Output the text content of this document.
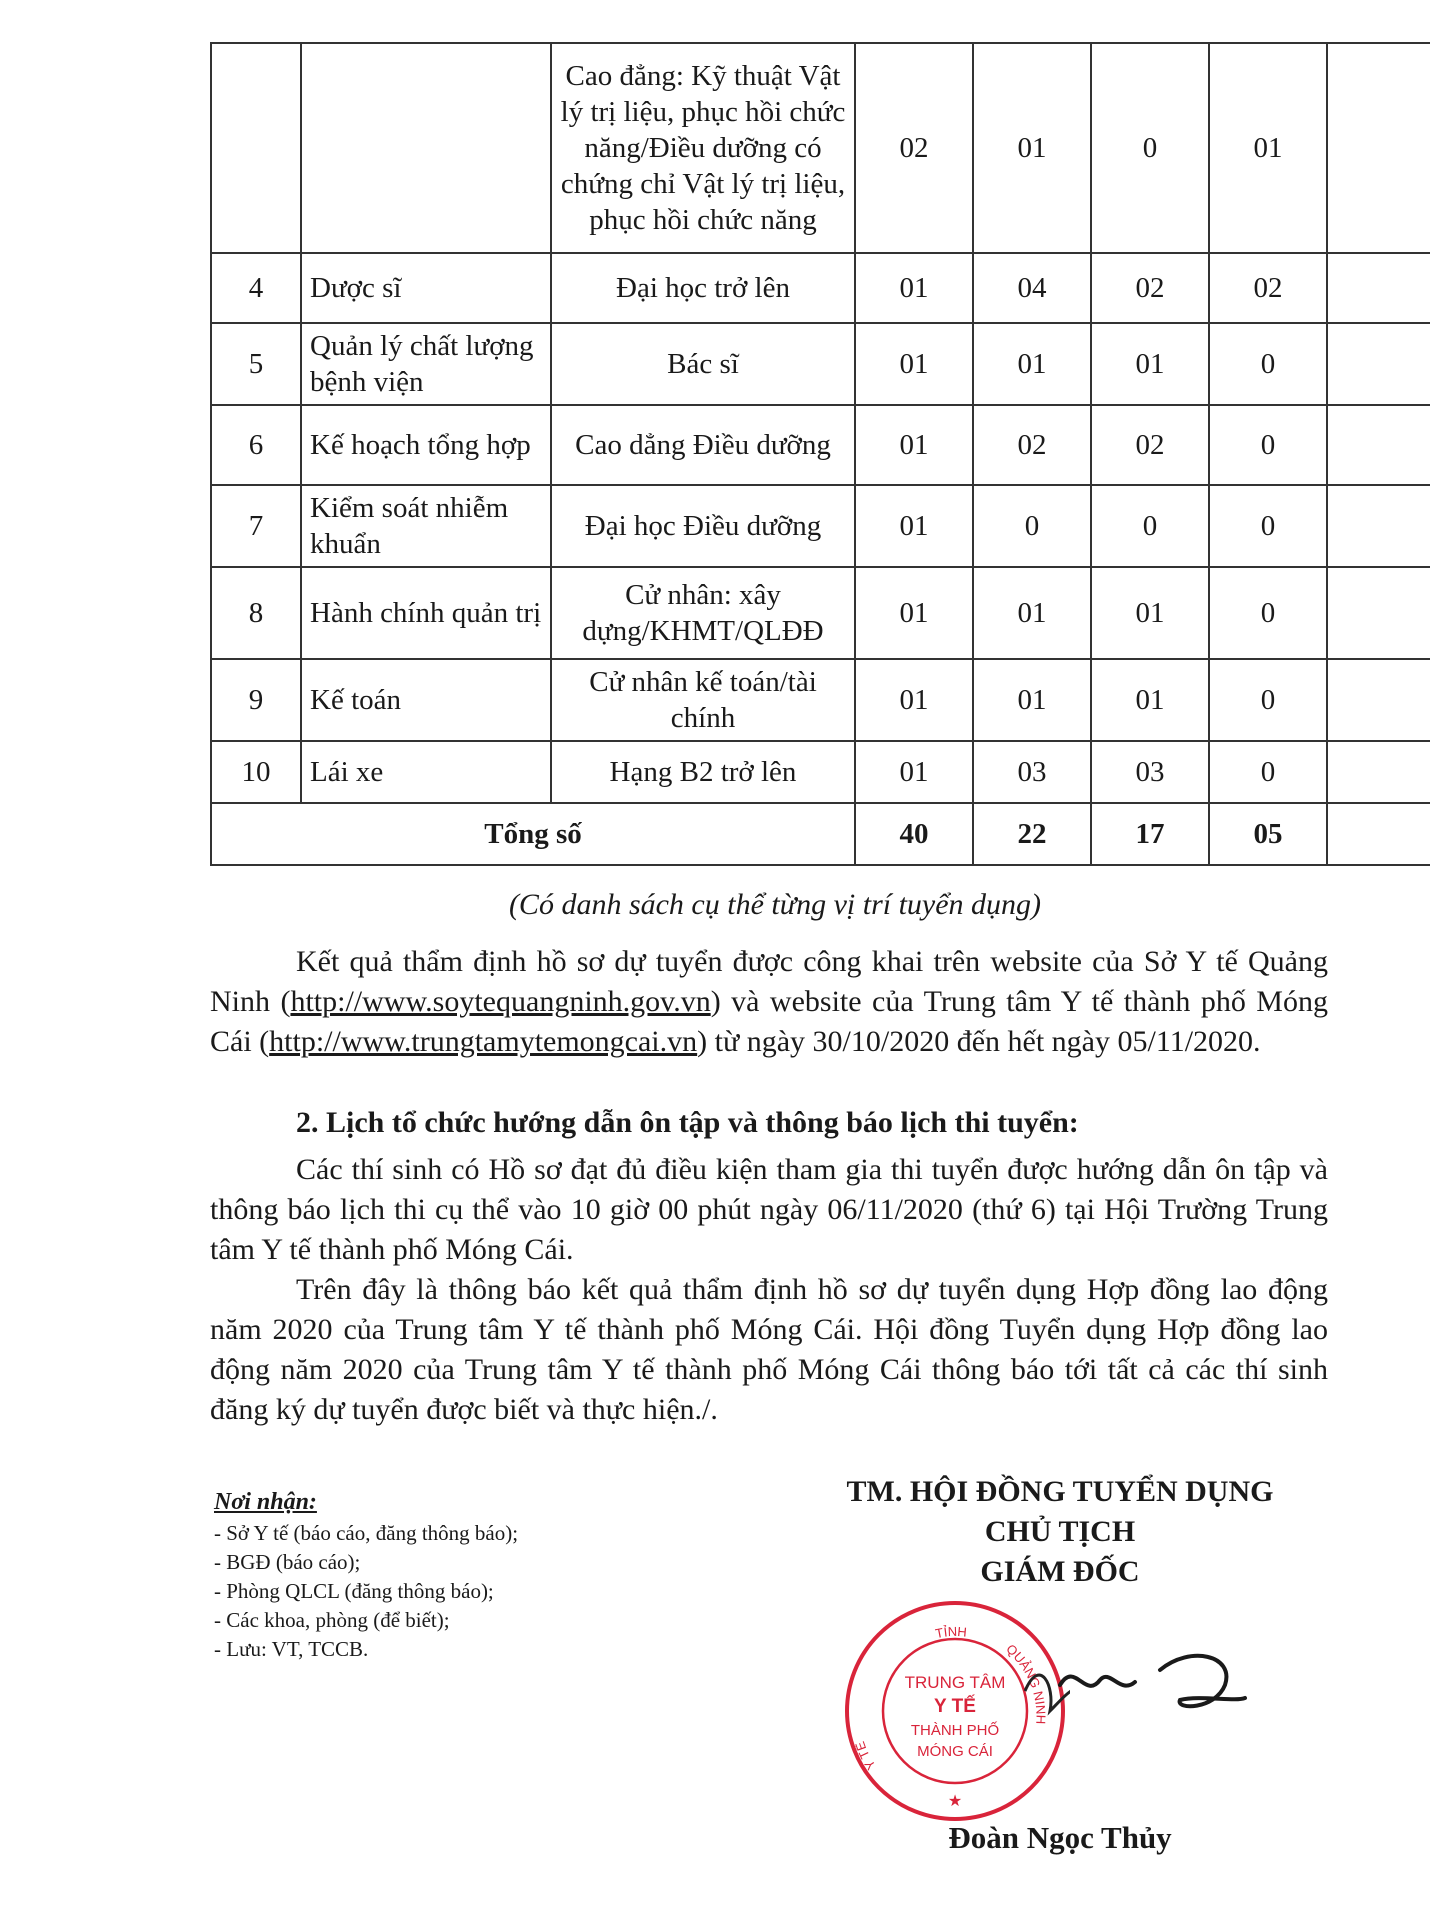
		Cao đẳng: Kỹ thuật Vật lý trị liệu, phục hồi chức năng/Điều dưỡng có chứng chỉ Vật lý trị liệu, phục hồi chức năng	02	01	0	01	
4	Dược sĩ	Đại học trở lên	01	04	02	02	
5	Quản lý chất lượng bệnh viện	Bác sĩ	01	01	01	0	
6	Kế hoạch tổng hợp	Cao dẳng Điều dưỡng	01	02	02	0	
7	Kiểm soát nhiễm khuẩn	Đại học Điều dưỡng	01	0	0	0	
8	Hành chính quản trị	Cử nhân: xây dựng/KHMT/QLĐĐ	01	01	01	0	
9	Kế toán	Cử nhân kế toán/tài chính	01	01	01	0	
10	Lái xe	Hạng B2 trở lên	01	03	03	0	
Tổng số			40	22	17	05	
(Có danh sách cụ thể từng vị trí tuyển dụng)
Kết quả thẩm định hồ sơ dự tuyển được công khai trên website của Sở Y tế Quảng Ninh (http://www.soytequangninh.gov.vn) và website của Trung tâm Y tế thành phố Móng Cái (http://www.trungtamytemongcai.vn) từ ngày 30/10/2020 đến hết ngày 05/11/2020.
2. Lịch tổ chức hướng dẫn ôn tập và thông báo lịch thi tuyển:
Các thí sinh có Hồ sơ đạt đủ điều kiện tham gia thi tuyển được hướng dẫn ôn tập và thông báo lịch thi cụ thể vào 10 giờ 00 phút ngày 06/11/2020 (thứ 6) tại Hội Trường Trung tâm Y tế thành phố Móng Cái.
Trên đây là thông báo kết quả thẩm định hồ sơ dự tuyển dụng Hợp đồng lao động năm 2020 của Trung tâm Y tế thành phố Móng Cái. Hội đồng Tuyển dụng Hợp đồng lao động năm 2020 của Trung tâm Y tế thành phố Móng Cái thông báo tới tất cả các thí sinh đăng ký dự tuyển được biết và thực hiện./.
Nơi nhận:
- Sở Y tế (báo cáo, đăng thông báo);
- BGĐ (báo cáo);
- Phòng QLCL (đăng thông báo);
- Các khoa, phòng (để biết);
- Lưu: VT, TCCB.
TM. HỘI ĐỒNG TUYỂN DỤNG
CHỦ TỊCH
GIÁM ĐỐC
TỈNH
QUẢNG NINH
Y TẾ
TRUNG TÂM
Y TẾ
THÀNH PHỐ
MÓNG CÁI
★
Đoàn Ngọc Thủy
